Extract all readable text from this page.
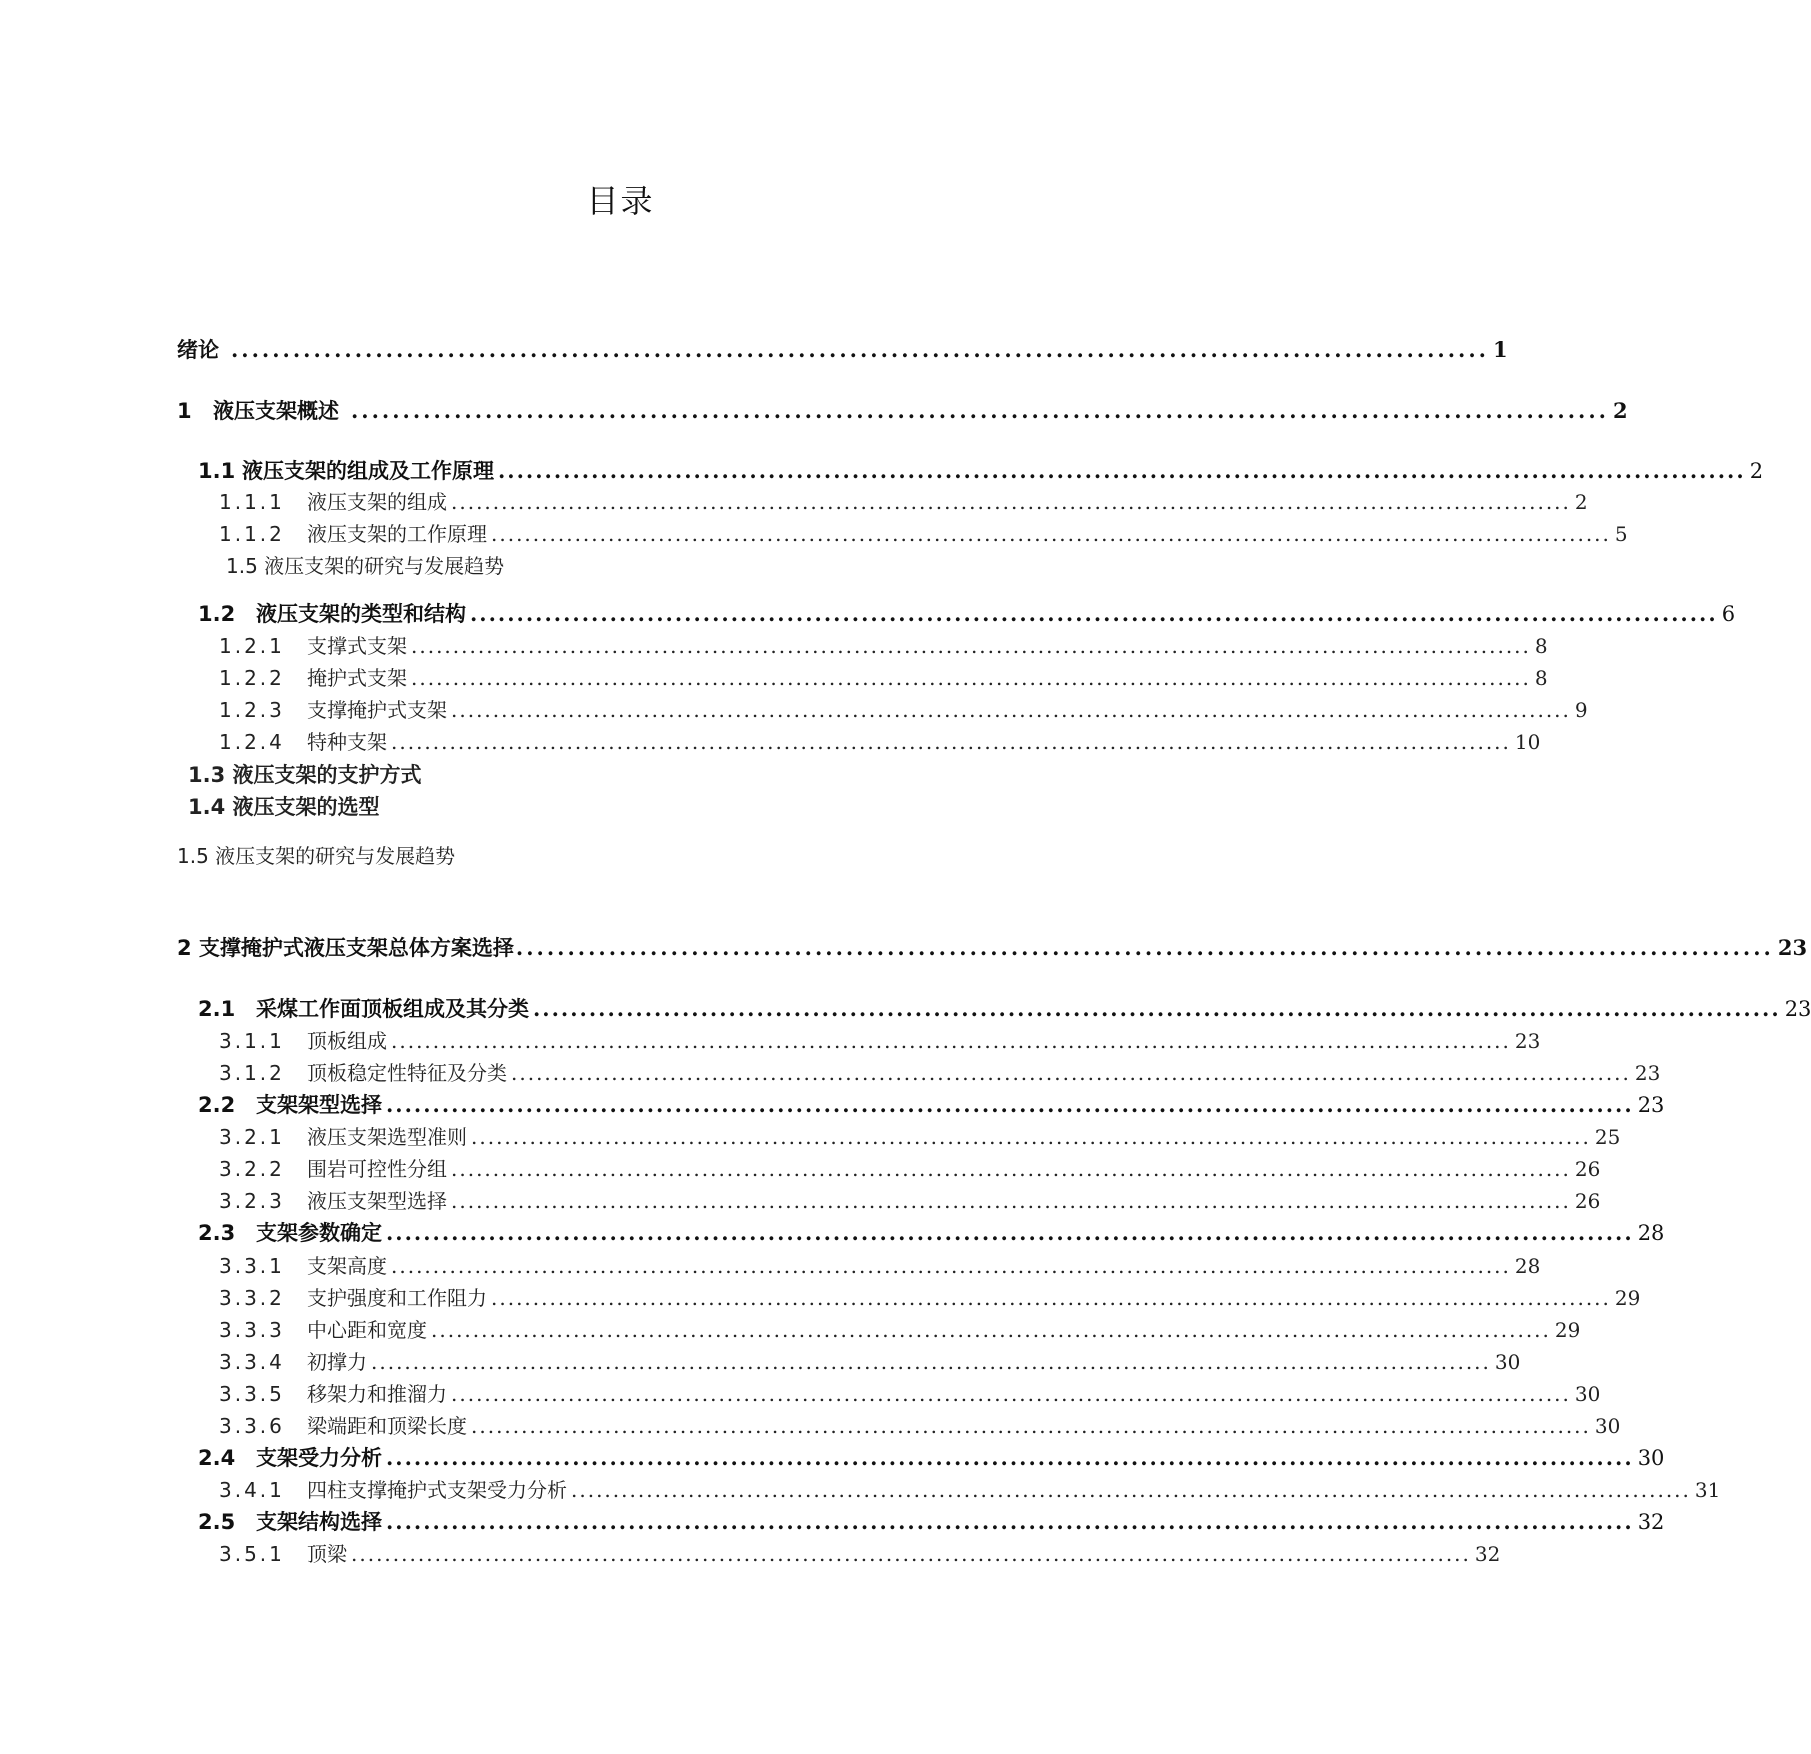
目录
绪论 .......................................................................................................................... 1
1	液压支架概述 .......................................................................................................................... 2
1.1 液压支架的组成及工作原理 ...................................................................................................................................... 2
1.1.1	液压支架的组成 ...................................................................................................................................... 2
1.1.2	液压支架的工作原理 ...................................................................................................................................... 5
1.5 液压支架的研究与发展趋势
1.2 液压支架的类型和结构 ...................................................................................................................................... 6
1.2.1	支撑式支架 ...................................................................................................................................... 8
1.2.2	掩护式支架 ...................................................................................................................................... 8
1.2.3	支撑掩护式支架 ...................................................................................................................................... 9
1.2.4	特种支架 ...................................................................................................................................... 10
1.3 液压支架的支护方式
1.4 液压支架的选型
1.5 液压支架的研究与发展趋势
2 支撑掩护式液压支架总体方案选择 .......................................................................................................................... 23
2.1 采煤工作面顶板组成及其分类 ...................................................................................................................................... 23
3.1.1	顶板组成 ...................................................................................................................................... 23
3.1.2	顶板稳定性特征及分类 ...................................................................................................................................... 23
2.2 支架架型选择 ...................................................................................................................................... 23
3.2.1	液压支架选型准则 ...................................................................................................................................... 25
3.2.2	围岩可控性分组 ...................................................................................................................................... 26
3.2.3	液压支架型选择 ...................................................................................................................................... 26
2.3 支架参数确定 ...................................................................................................................................... 28
3.3.1	支架高度 ...................................................................................................................................... 28
3.3.2	支护强度和工作阻力 ...................................................................................................................................... 29
3.3.3	中心距和宽度 ...................................................................................................................................... 29
3.3.4	初撑力 ...................................................................................................................................... 30
3.3.5	移架力和推溜力 ...................................................................................................................................... 30
3.3.6	梁端距和顶梁长度 ...................................................................................................................................... 30
2.4 支架受力分析 ...................................................................................................................................... 30
3.4.1	四柱支撑掩护式支架受力分析 ...................................................................................................................................... 31
2.5 支架结构选择 ...................................................................................................................................... 32
3.5.1	顶梁 ...................................................................................................................................... 32
